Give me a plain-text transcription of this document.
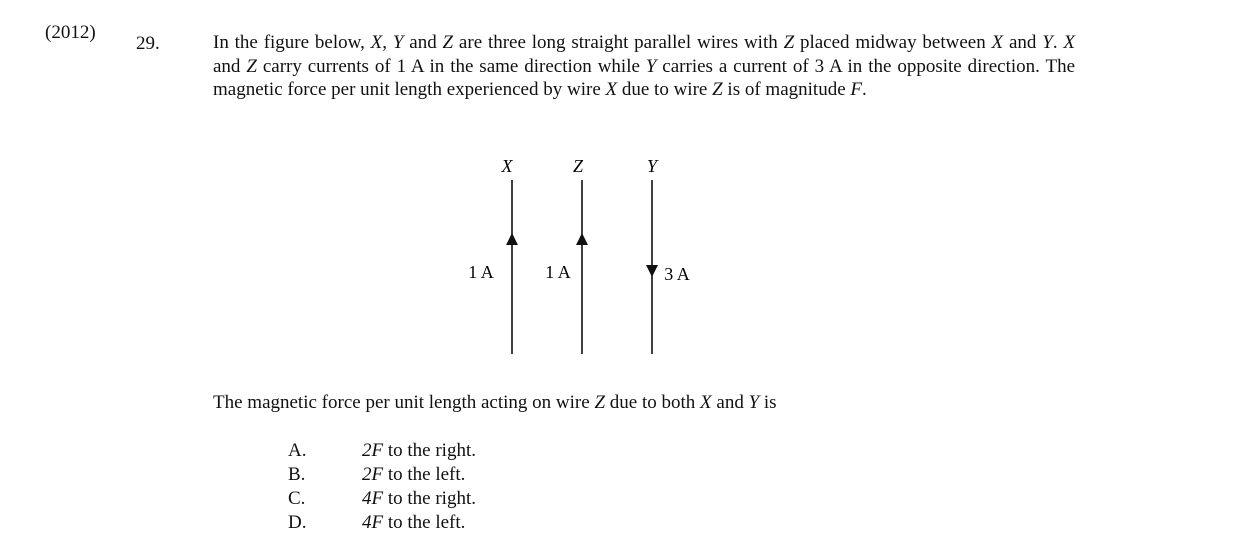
(2012)
29.	In the figure below, X, Y and Z are three long straight parallel wires with Z placed midway between X and Y. X and Z carry currents of 1 A in the same direction while Y carries a current of 3 A in the opposite direction. The magnetic force per unit length experienced by wire X due to wire Z is of magnitude F.
X
1 A
Z
1 A
Y
3 A
The magnetic force per unit length acting on wire Z due to both X and Y is
A.	2F to the right.
B.	2F to the left.
C.	4F to the right.
D.	4F to the left.
